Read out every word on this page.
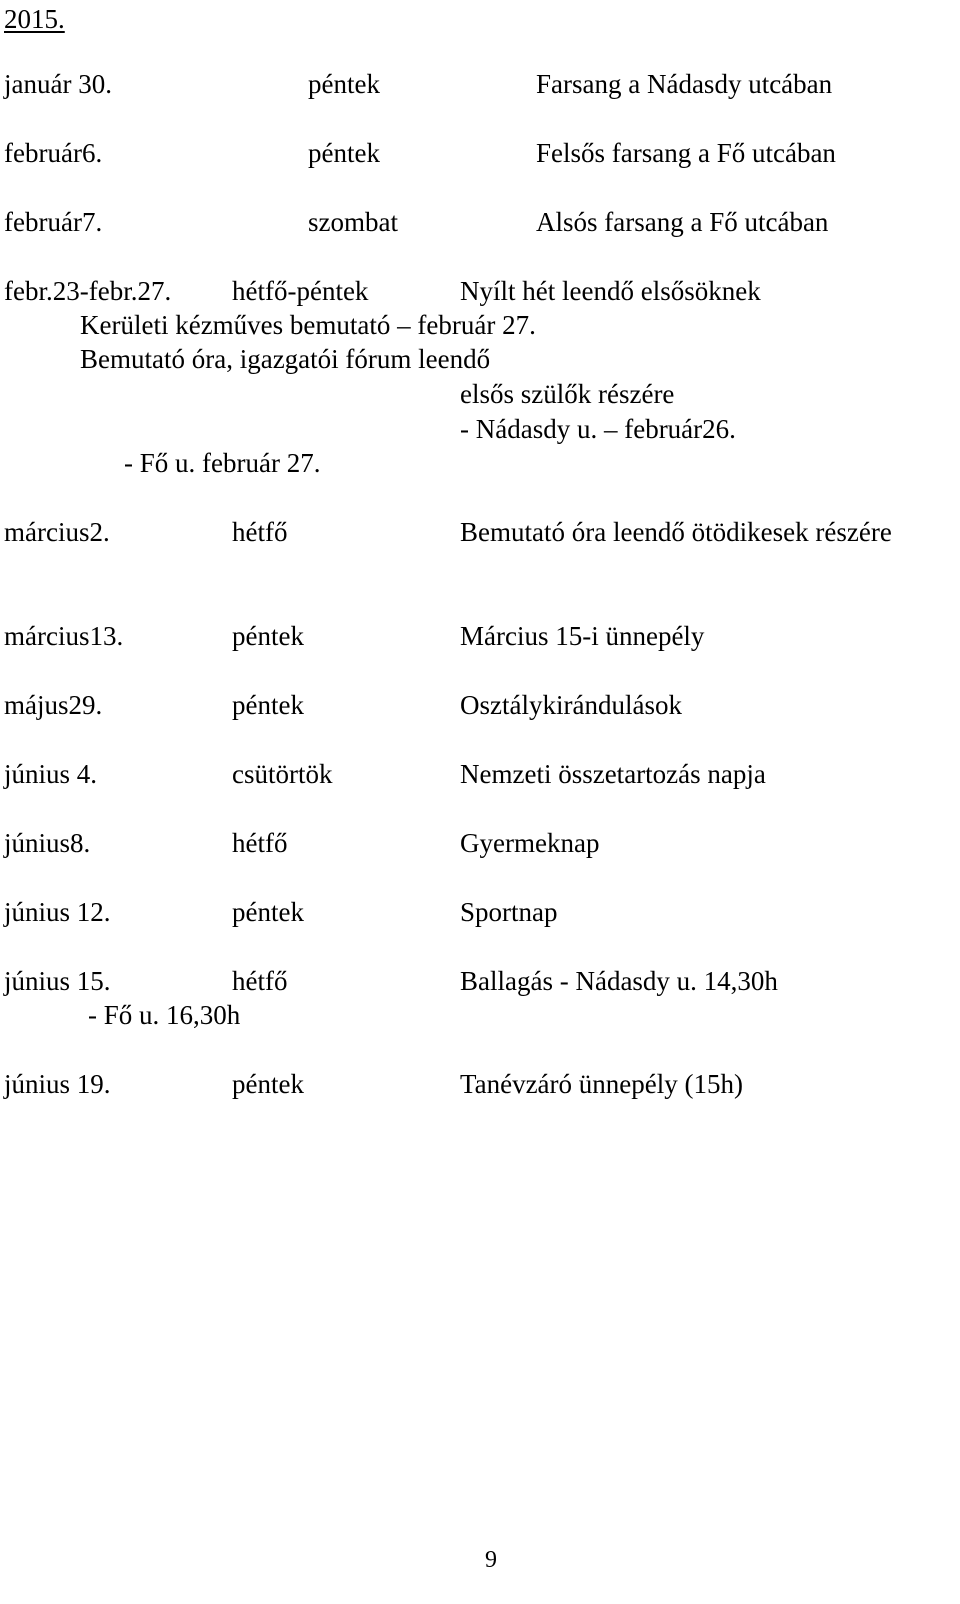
2015.
január 30.	péntek	Farsang a Nádasdy utcában
február6.	péntek	Felsős farsang a Fő utcában
február7.	szombat	Alsós farsang a Fő utcában
febr.23-febr.27. hétfő-péntek	Nyílt hét leendő elsősöknek
Kerületi kézműves bemutató – február 27.
Bemutató óra, igazgatói fórum leendő
elsős szülők részére
- Nádasdy u. – február26.
- Fő u. február 27.
március2.	hétfő	Bemutató óra leendő ötödikesek részére
március13.	péntek	Március 15-i ünnepély
május29.	péntek	Osztálykirándulások
június 4.	csütörtök	Nemzeti összetartozás napja
június8.	hétfő	Gyermeknap
június 12.	péntek	Sportnap
június 15.	hétfő	Ballagás - Nádasdy u. 14,30h
- Fő u. 16,30h
június 19.	péntek	Tanévzáró ünnepély (15h)
9
